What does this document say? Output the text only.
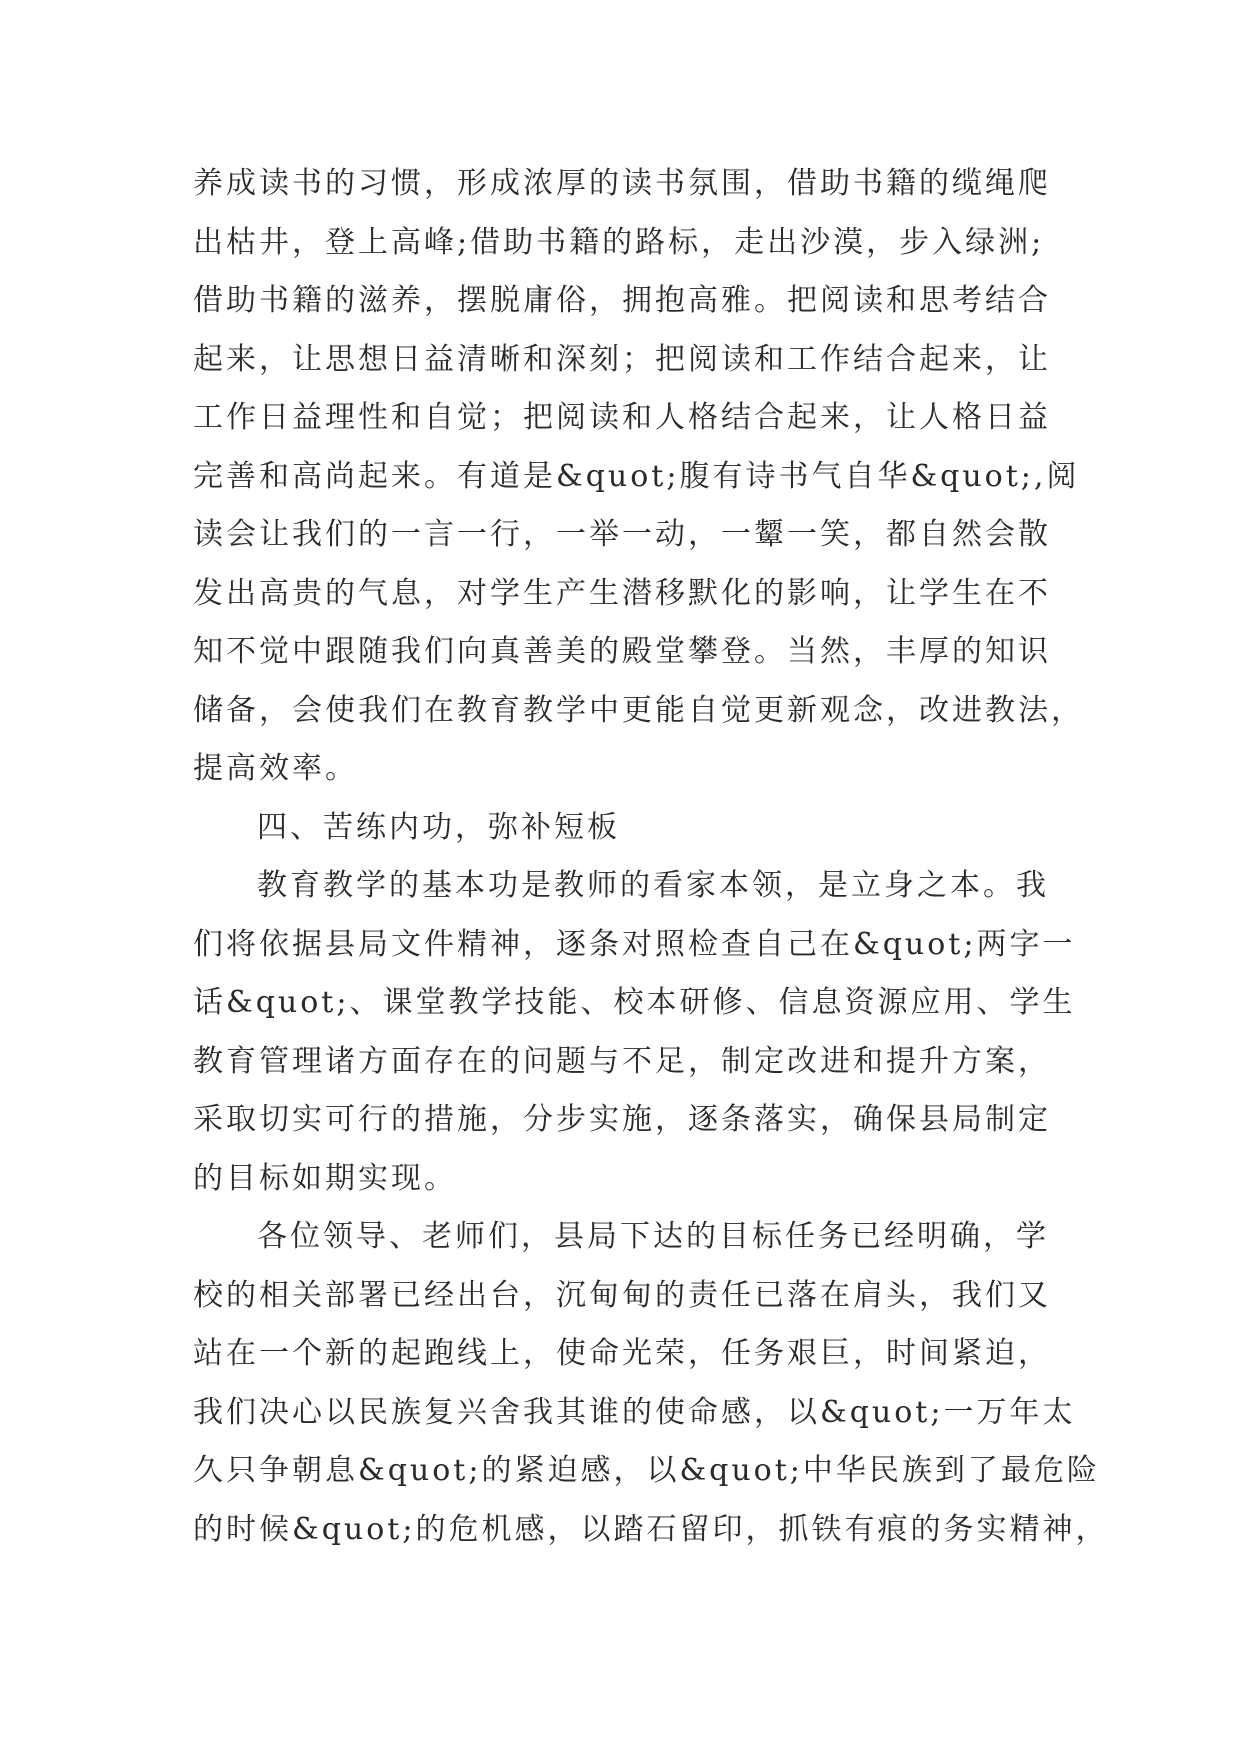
养成读书的习惯，形成浓厚的读书氛围，借助书籍的缆绳爬
出枯井，登上高峰;借助书籍的路标，走出沙漠，步入绿洲;
借助书籍的滋养，摆脱庸俗，拥抱高雅。把阅读和思考结合
起来，让思想日益清晰和深刻；把阅读和工作结合起来，让
工作日益理性和自觉；把阅读和人格结合起来，让人格日益
完善和高尚起来。有道是&quot;腹有诗书气自华&quot;,阅
读会让我们的一言一行，一举一动，一颦一笑，都自然会散
发出高贵的气息，对学生产生潜移默化的影响，让学生在不
知不觉中跟随我们向真善美的殿堂攀登。当然，丰厚的知识
储备，会使我们在教育教学中更能自觉更新观念，改进教法，
提高效率。
四、苦练内功，弥补短板
教育教学的基本功是教师的看家本领，是立身之本。我
们将依据县局文件精神，逐条对照检查自己在&quot;两字一
话&quot;、课堂教学技能、校本研修、信息资源应用、学生
教育管理诸方面存在的问题与不足，制定改进和提升方案，
采取切实可行的措施，分步实施，逐条落实，确保县局制定
的目标如期实现。
各位领导、老师们，县局下达的目标任务已经明确，学
校的相关部署已经出台，沉甸甸的责任已落在肩头，我们又
站在一个新的起跑线上，使命光荣，任务艰巨，时间紧迫，
我们决心以民族复兴舍我其谁的使命感，以&quot;一万年太
久只争朝息&quot;的紧迫感，以&quot;中华民族到了最危险
的时候&quot;的危机感，以踏石留印，抓铁有痕的务实精神，
